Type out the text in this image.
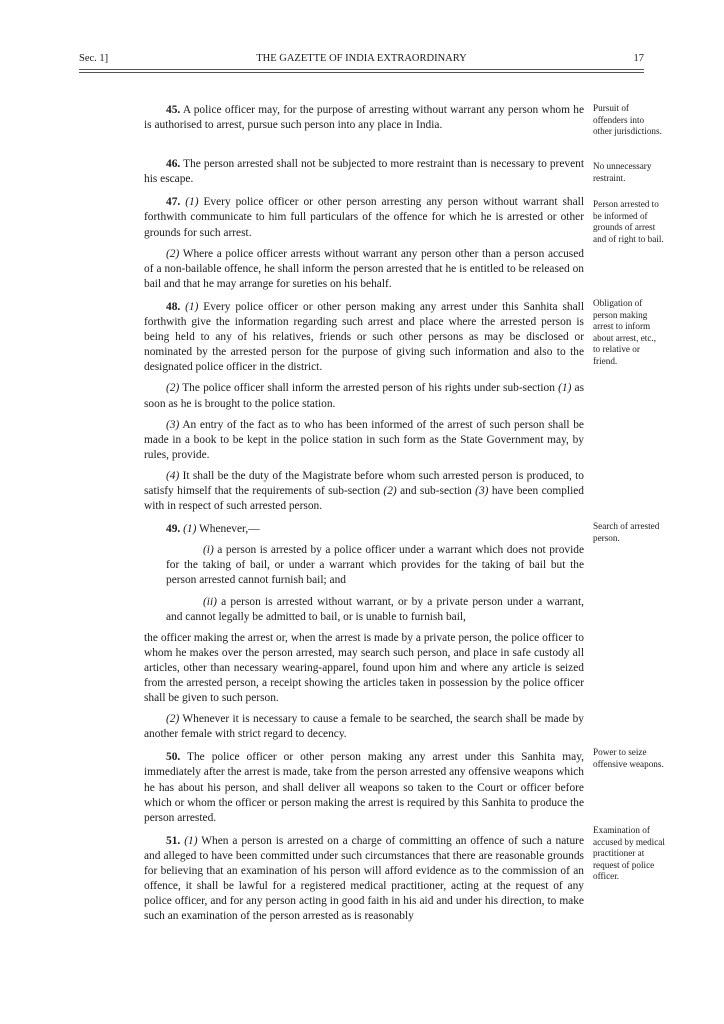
Sec. 1]	THE GAZETTE OF INDIA EXTRAORDINARY	17

45. A police officer may, for the purpose of arresting without warrant any person whom he is authorised to arrest, pursue such person into any place in India.

46. The person arrested shall not be subjected to more restraint than is necessary to prevent his escape.

47. (1) Every police officer or other person arresting any person without warrant shall forthwith communicate to him full particulars of the offence for which he is arrested or other grounds for such arrest.

(2) Where a police officer arrests without warrant any person other than a person accused of a non-bailable offence, he shall inform the person arrested that he is entitled to be released on bail and that he may arrange for sureties on his behalf.

48. (1) Every police officer or other person making any arrest under this Sanhita shall forthwith give the information regarding such arrest and place where the arrested person is being held to any of his relatives, friends or such other persons as may be disclosed or nominated by the arrested person for the purpose of giving such information and also to the designated police officer in the district.

(2) The police officer shall inform the arrested person of his rights under sub-section (1) as soon as he is brought to the police station.

(3) An entry of the fact as to who has been informed of the arrest of such person shall be made in a book to be kept in the police station in such form as the State Government may, by rules, provide.

(4) It shall be the duty of the Magistrate before whom such arrested person is produced, to satisfy himself that the requirements of sub-section (2) and sub-section (3) have been complied with in respect of such arrested person.

49. (1) Whenever,—

(i) a person is arrested by a police officer under a warrant which does not provide for the taking of bail, or under a warrant which provides for the taking of bail but the person arrested cannot furnish bail; and

(ii) a person is arrested without warrant, or by a private person under a warrant, and cannot legally be admitted to bail, or is unable to furnish bail,

the officer making the arrest or, when the arrest is made by a private person, the police officer to whom he makes over the person arrested, may search such person, and place in safe custody all articles, other than necessary wearing-apparel, found upon him and where any article is seized from the arrested person, a receipt showing the articles taken in possession by the police officer shall be given to such person.

(2) Whenever it is necessary to cause a female to be searched, the search shall be made by another female with strict regard to decency.

50. The police officer or other person making any arrest under this Sanhita may, immediately after the arrest is made, take from the person arrested any offensive weapons which he has about his person, and shall deliver all weapons so taken to the Court or officer before which or whom the officer or person making the arrest is required by this Sanhita to produce the person arrested.

51. (1) When a person is arrested on a charge of committing an offence of such a nature and alleged to have been committed under such circumstances that there are reasonable grounds for believing that an examination of his person will afford evidence as to the commission of an offence, it shall be lawful for a registered medical practitioner, acting at the request of any police officer, and for any person acting in good faith in his aid and under his direction, to make such an examination of the person arrested as is reasonably

Pursuit of offenders into other jurisdictions.
No unnecessary restraint.
Person arrested to be informed of grounds of arrest and of right to bail.
Obligation of person making arrest to inform about arrest, etc., to relative or friend.
Search of arrested person.
Power to seize offensive weapons.
Examination of accused by medical practitioner at request of police officer.
